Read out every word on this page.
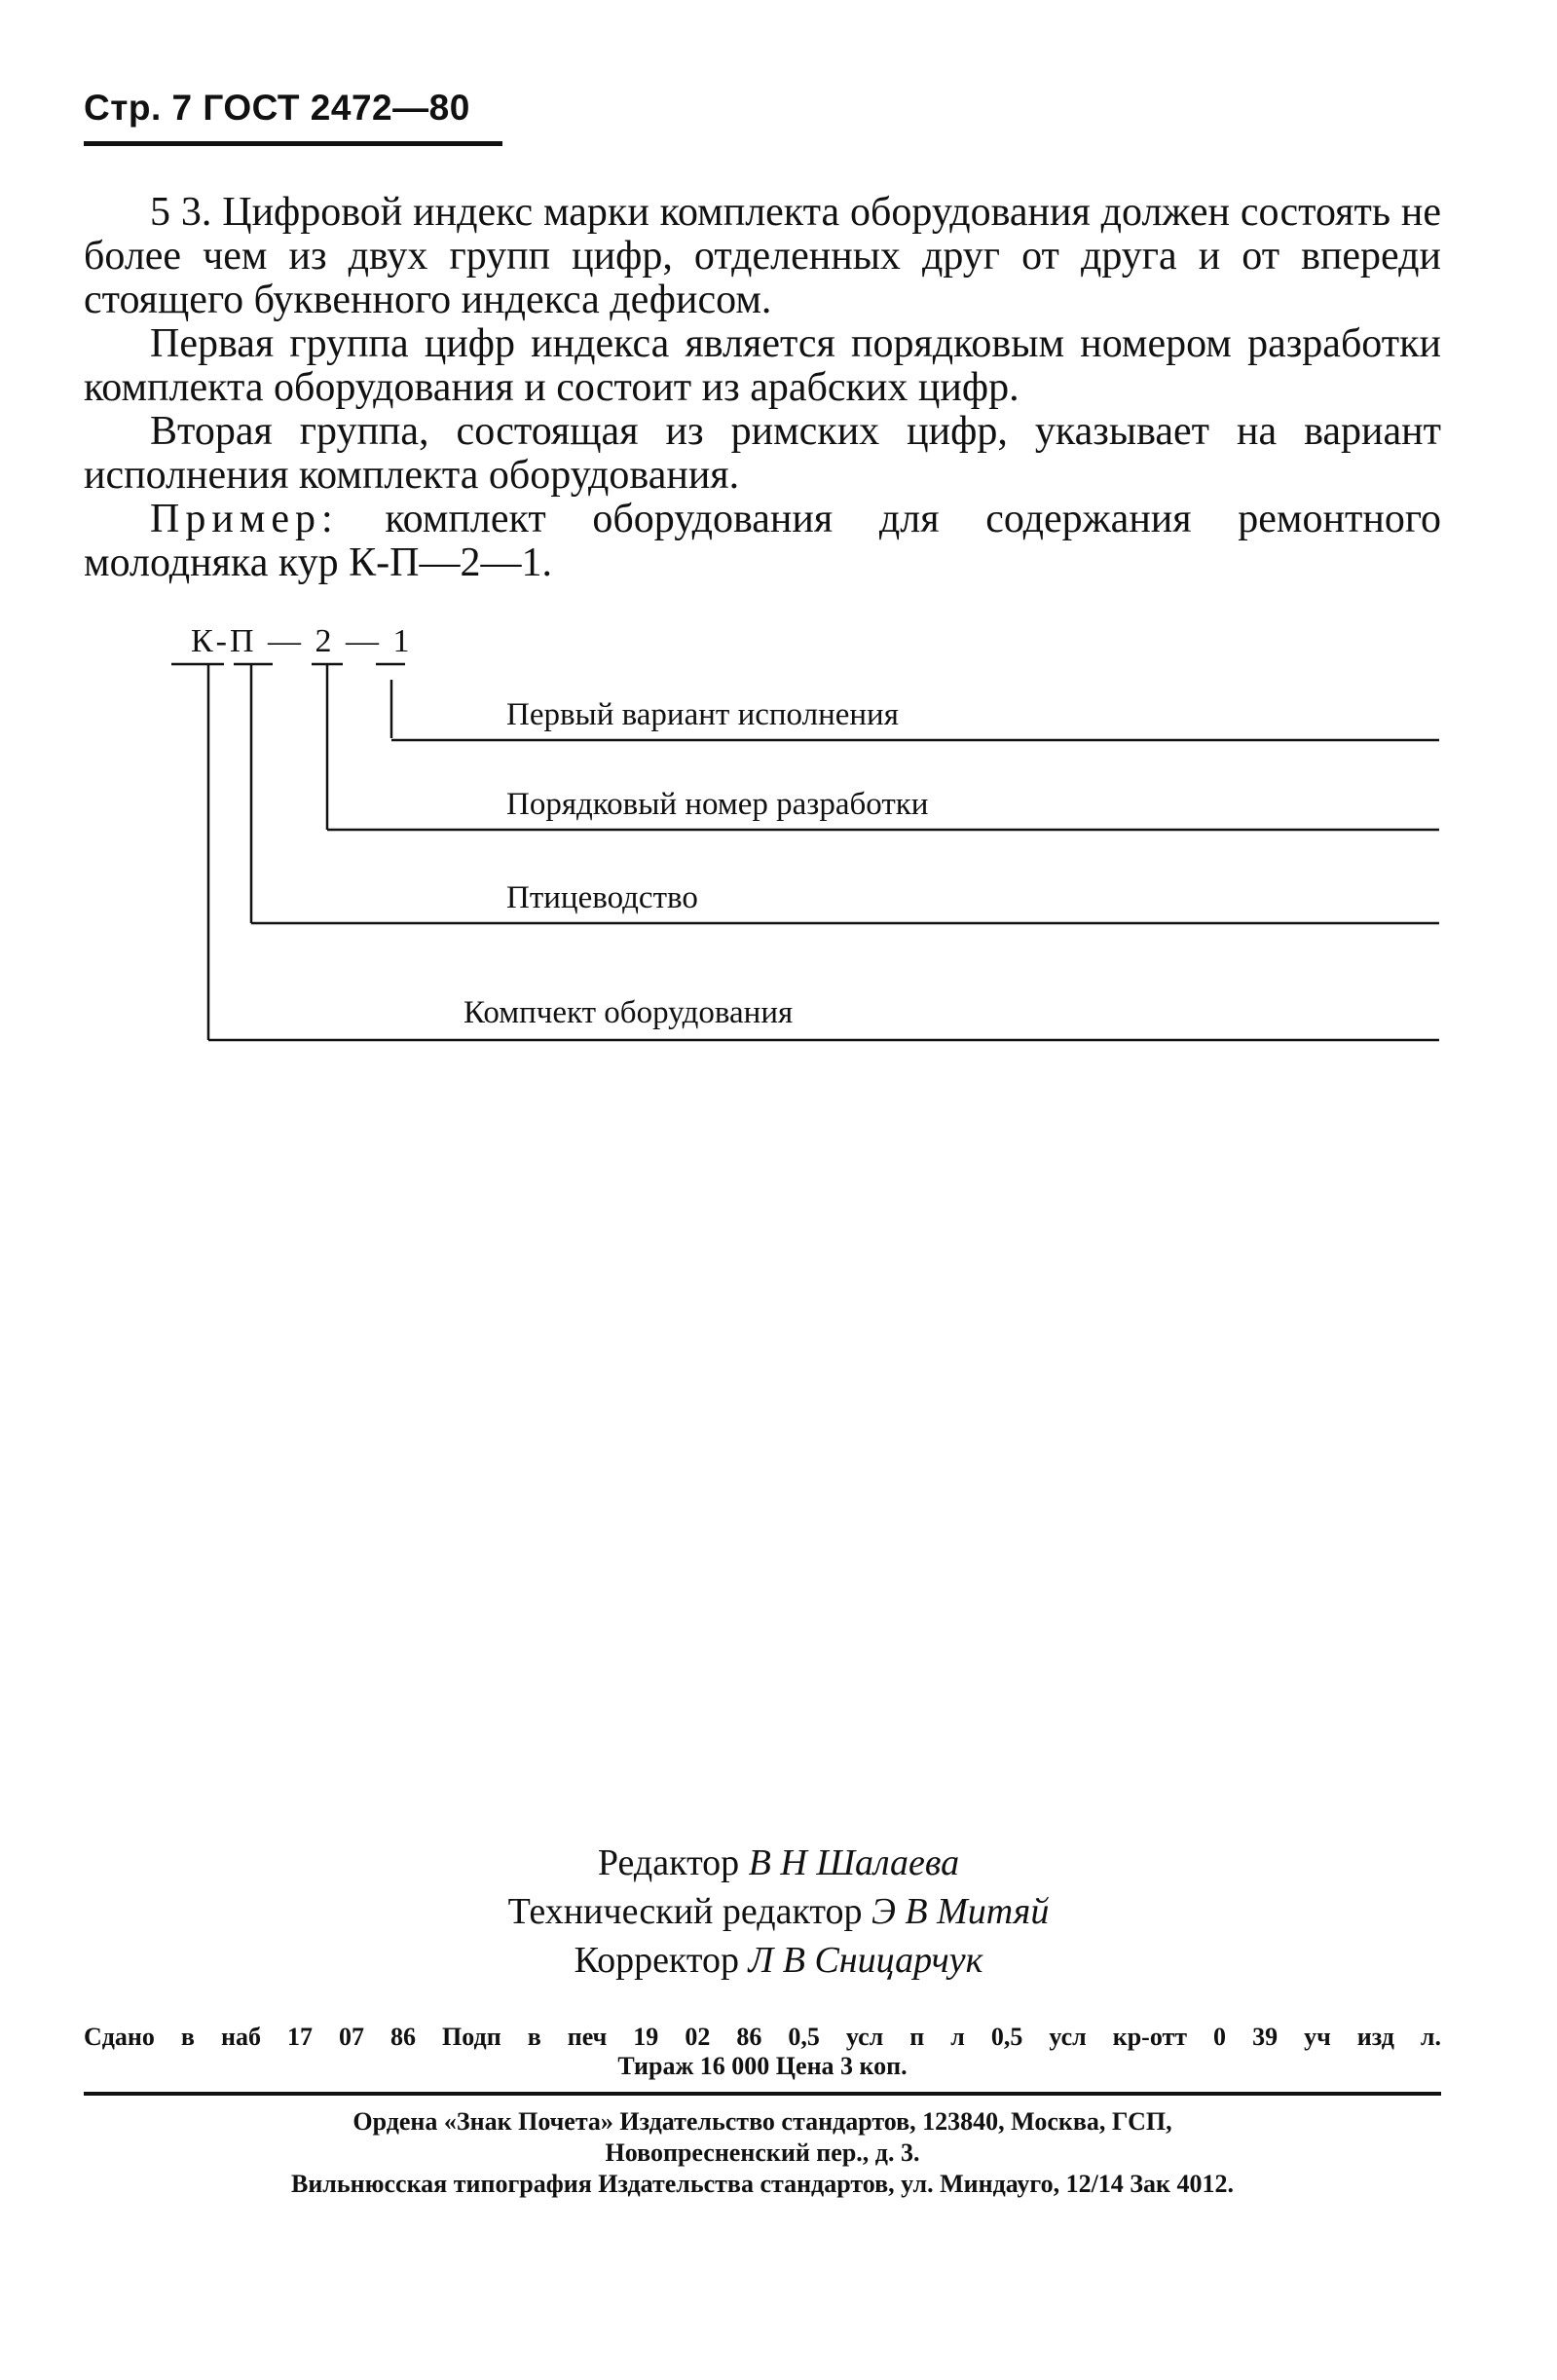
Стр. 7 ГОСТ 2472—80

5 3. Цифровой индекс марки комплекта оборудования должен состоять не более чем из двух групп цифр, отделенных друг от друга и от впереди стоящего буквенного индекса дефисом.

Первая группа цифр индекса является порядковым номером разработки комплекта оборудования и состоит из арабских цифр.

Вторая группа, состоящая из римских цифр, указывает на вариант исполнения комплекта оборудования.

Пример: комплект оборудования для содержания ремонтного молодняка кур К-П—2—1.

К-П — 2 — 1
Первый вариант исполнения
Порядковый номер разработки
Птицеводство
Компчект оборудования
Редактор В Н Шалаева
Технический редактор Э В Митяй
Корректор Л В Сницарчук
Сдано в наб 17 07 86 Подп в печ 19 02 86 0,5 усл п л 0,5 усл кр-отт 0 39 уч изд л.
Тираж 16 000 Цена 3 коп.
Ордена «Знак Почета» Издательство стандартов, 123840, Москва, ГСП,
Новопресненский пер., д. 3.
Вильнюсская типография Издательства стандартов, ул. Миндауго, 12/14 Зак 4012.
